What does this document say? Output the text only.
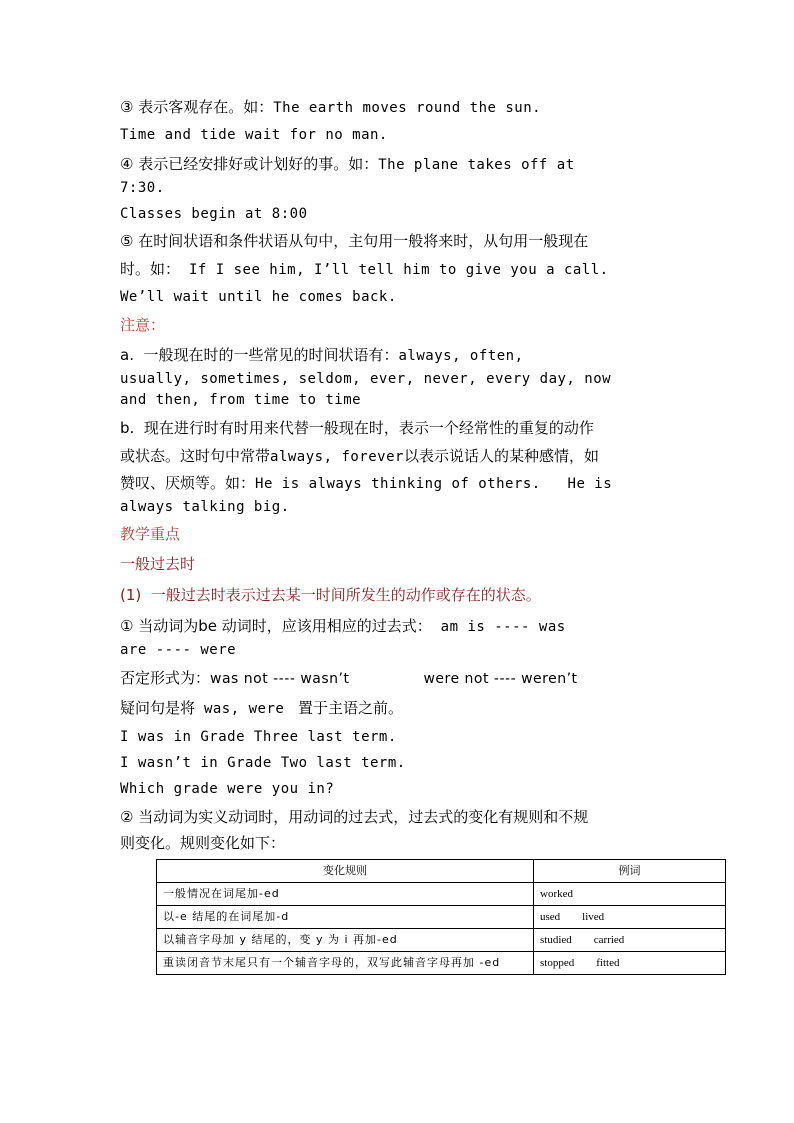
③ 表示客观存在。如：The earth moves round the sun.
Time and tide wait for no man.
④ 表示已经安排好或计划好的事。如：The plane takes off at
7:30.
Classes begin at 8:00
⑤ 在时间状语和条件状语从句中，主句用一般将来时，从句用一般现在
时。如： If I see him, I’ll tell him to give you a call.
We’ll wait until he comes back.
注意：
a.  一般现在时的一些常见的时间状语有：always, often,
usually, sometimes, seldom, ever, never, every day, now
and then, from time to time
b.  现在进行时有时用来代替一般现在时，表示一个经常性的重复的动作
或状态。这时句中常带always, forever以表示说话人的某种感情，如
赞叹、厌烦等。如：He is always thinking of others.   He is
always talking big.
教学重点
一般过去时
(1)  一般过去时表示过去某一时间所发生的动作或存在的状态。
① 当动词为be 动词时，应该用相应的过去式： am is ---- was
are ---- were
否定形式为：was not ---- wasn’t	were not ---- weren’t
疑问句是将 was, were  置于主语之前。
I was in Grade Three last term.
I wasn’t in Grade Two last term.
Which grade were you in?
② 当动词为实义动词时，用动词的过去式，过去式的变化有规则和不规
则变化。规则变化如下：
变化规则	例词
一般情况在词尾加-ed	worked
以-e 结尾的在词尾加-d	used lived
以辅音字母加 y 结尾的，变 y 为 i 再加-ed	studied carried
重读闭音节末尾只有一个辅音字母的，双写此辅音字母再加 -ed	stopped fitted
